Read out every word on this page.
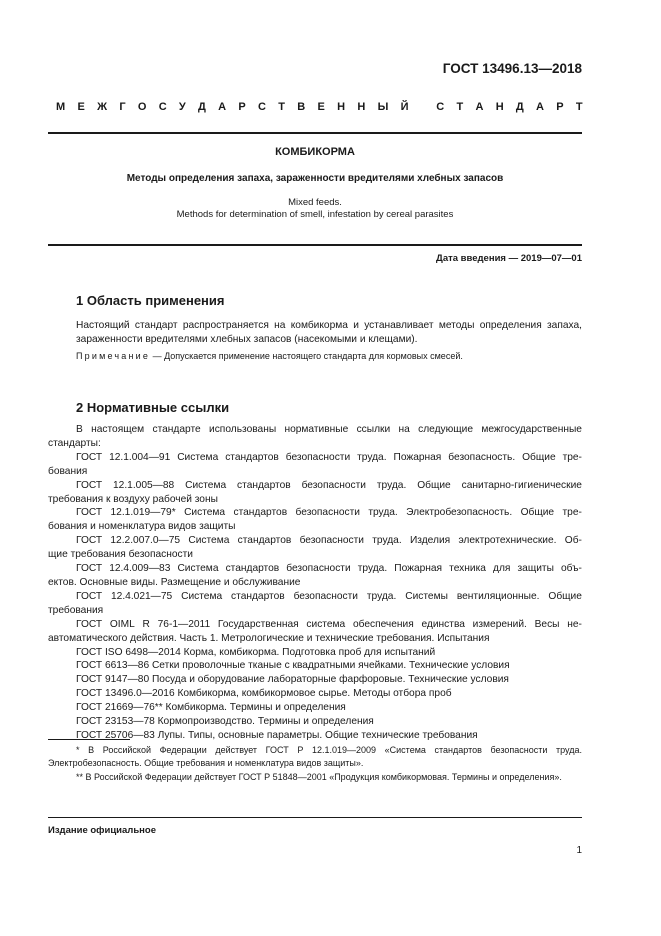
ГОСТ 13496.13—2018
М Е Ж Г О С У Д А Р С Т В Е Н Н Ы Й
	С Т А Н Д А Р Т
КОМБИКОРМА
Методы определения запаха, зараженности вредителями хлебных запасов
Mixed feeds.
Methods for determination of smell, infestation by cereal parasites
Дата введения — 2019—07—01
1 Область применения
Настоящий стандарт распространяется на комбикорма и устанавливает методы определения запаха, зараженности вредителями хлебных запасов (насекомыми и клещами).
Примечание — Допускается применение настоящего стандарта для кормовых смесей.
2 Нормативные ссылки
В настоящем стандарте использованы нормативные ссылки на следующие межгосударственные
стандарты:
ГОСТ 12.1.004—91 Система стандартов безопасности труда. Пожарная безопасность. Общие тре-
бования
ГОСТ 12.1.005—88 Система стандартов безопасности труда. Общие санитарно-гигиенические
требования к воздуху рабочей зоны
ГОСТ 12.1.019—79* Система стандартов безопасности труда. Электробезопасность. Общие тре-
бования и номенклатура видов защиты
ГОСТ 12.2.007.0—75 Система стандартов безопасности труда. Изделия электротехнические. Об-
щие требования безопасности
ГОСТ 12.4.009—83 Система стандартов безопасности труда. Пожарная техника для защиты объ-
ектов. Основные виды. Размещение и обслуживание
ГОСТ 12.4.021—75 Система стандартов безопасности труда. Системы вентиляционные. Общие
требования
ГОСТ OIML R 76-1—2011 Государственная система обеспечения единства измерений. Весы не-
автоматического действия. Часть 1. Метрологические и технические требования. Испытания
ГОСТ ISO 6498—2014 Корма, комбикорма. Подготовка проб для испытаний
ГОСТ 6613—86 Сетки проволочные тканые с квадратными ячейками. Технические условия
ГОСТ 9147—80 Посуда и оборудование лабораторные фарфоровые. Технические условия
ГОСТ 13496.0—2016 Комбикорма, комбикормовое сырье. Методы отбора проб
ГОСТ 21669—76** Комбикорма. Термины и определения
ГОСТ 23153—78 Кормопроизводство. Термины и определения
ГОСТ 25706—83 Лупы. Типы, основные параметры. Общие технические требования
* В Российской Федерации действует ГОСТ Р 12.1.019—2009 «Система стандартов безопасности труда. Электробезопасность. Общие требования и номенклатура видов защиты».
** В Российской Федерации действует ГОСТ Р 51848—2001 «Продукция комбикормовая. Термины и определения».
Издание официальное
1
